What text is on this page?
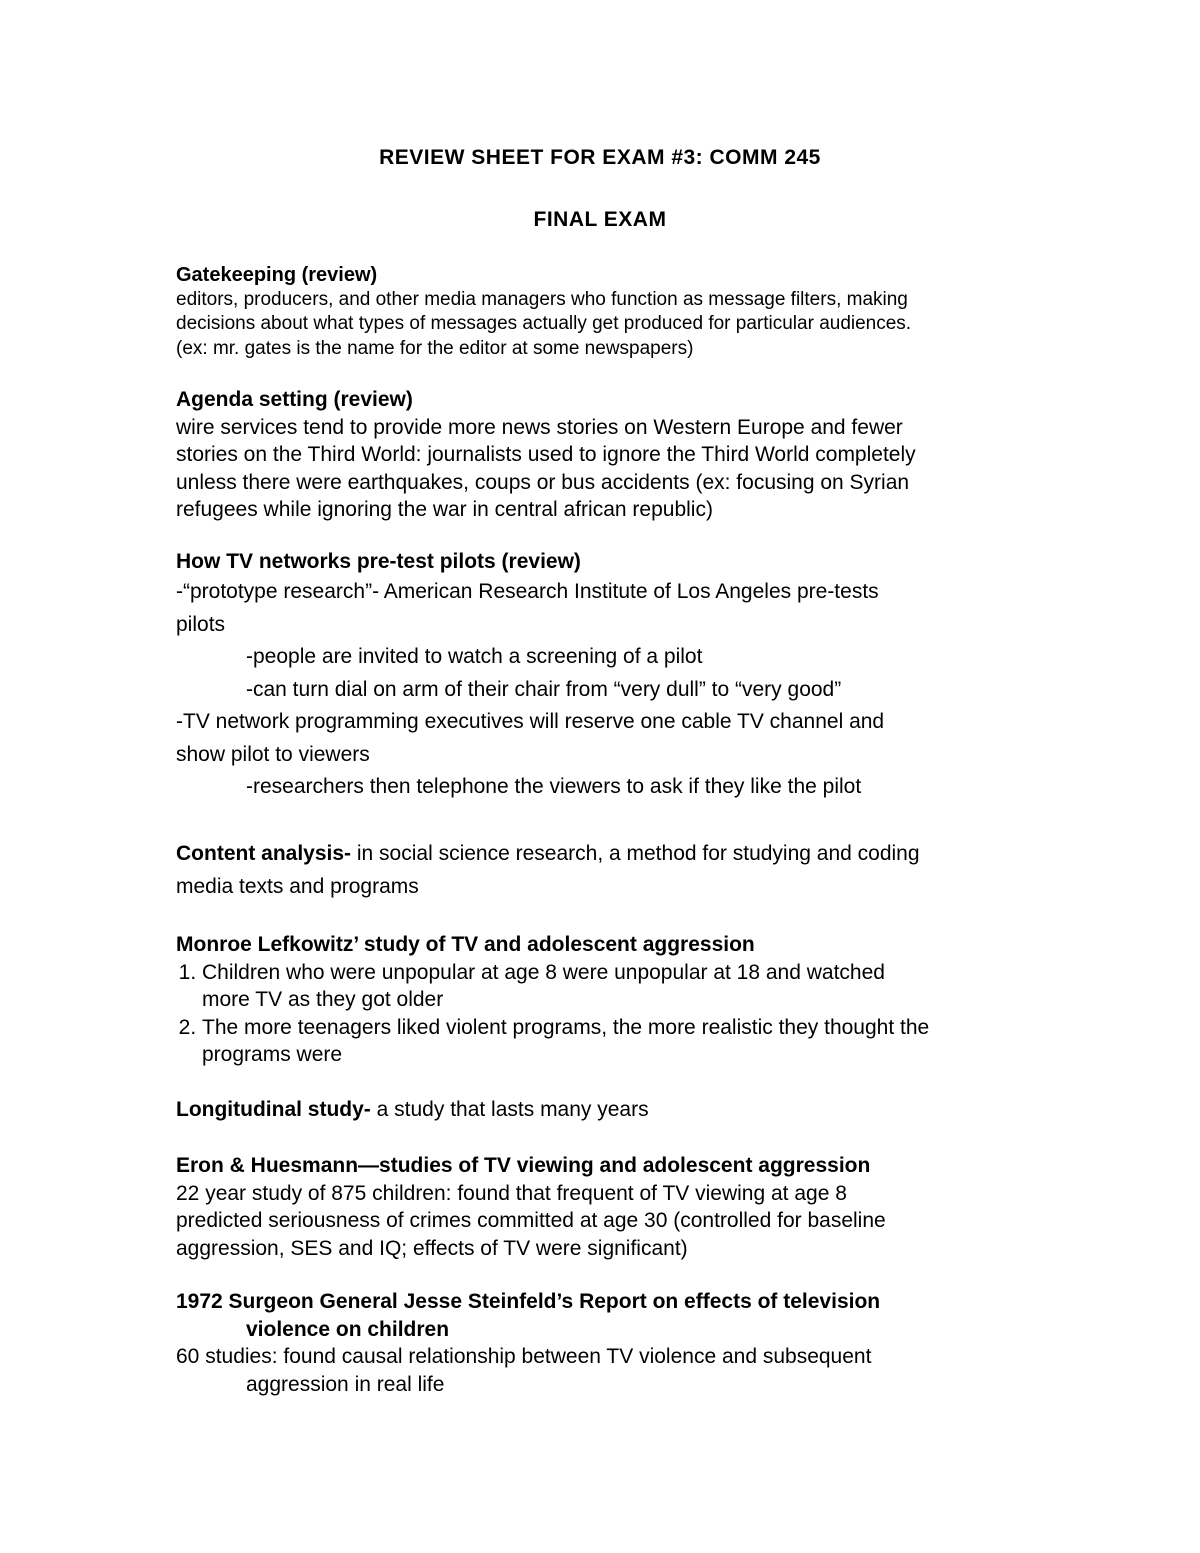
REVIEW SHEET FOR EXAM #3: COMM 245
FINAL EXAM
Gatekeeping (review)
editors, producers, and other media managers who function as message filters, making
decisions about what types of messages actually get produced for particular audiences.
(ex: mr. gates is the name for the editor at some newspapers)
Agenda setting (review)
wire services tend to provide more news stories on Western Europe and fewer
stories on the Third World: journalists used to ignore the Third World completely
unless there were earthquakes, coups or bus accidents (ex: focusing on Syrian
refugees while ignoring the war in central african republic)
How TV networks pre-test pilots (review)
-“prototype research”- American Research Institute of Los Angeles pre-tests
pilots
-people are invited to watch a screening of a pilot
-can turn dial on arm of their chair from “very dull” to “very good”
-TV network programming executives will reserve one cable TV channel and
show pilot to viewers
-researchers then telephone the viewers to ask if they like the pilot
Content analysis- in social science research, a method for studying and coding
media texts and programs
Monroe Lefkowitz’ study of TV and adolescent aggression
1. Children who were unpopular at age 8 were unpopular at 18 and watched
more TV as they got older
2. The more teenagers liked violent programs, the more realistic they thought the
programs were
Longitudinal study- a study that lasts many years
Eron & Huesmann—studies of TV viewing and adolescent aggression
22 year study of 875 children: found that frequent of TV viewing at age 8
predicted seriousness of crimes committed at age 30 (controlled for baseline
aggression, SES and IQ; effects of TV were significant)
1972 Surgeon General Jesse Steinfeld’s Report on effects of television
violence on children
60 studies: found causal relationship between TV violence and subsequent
aggression in real life
